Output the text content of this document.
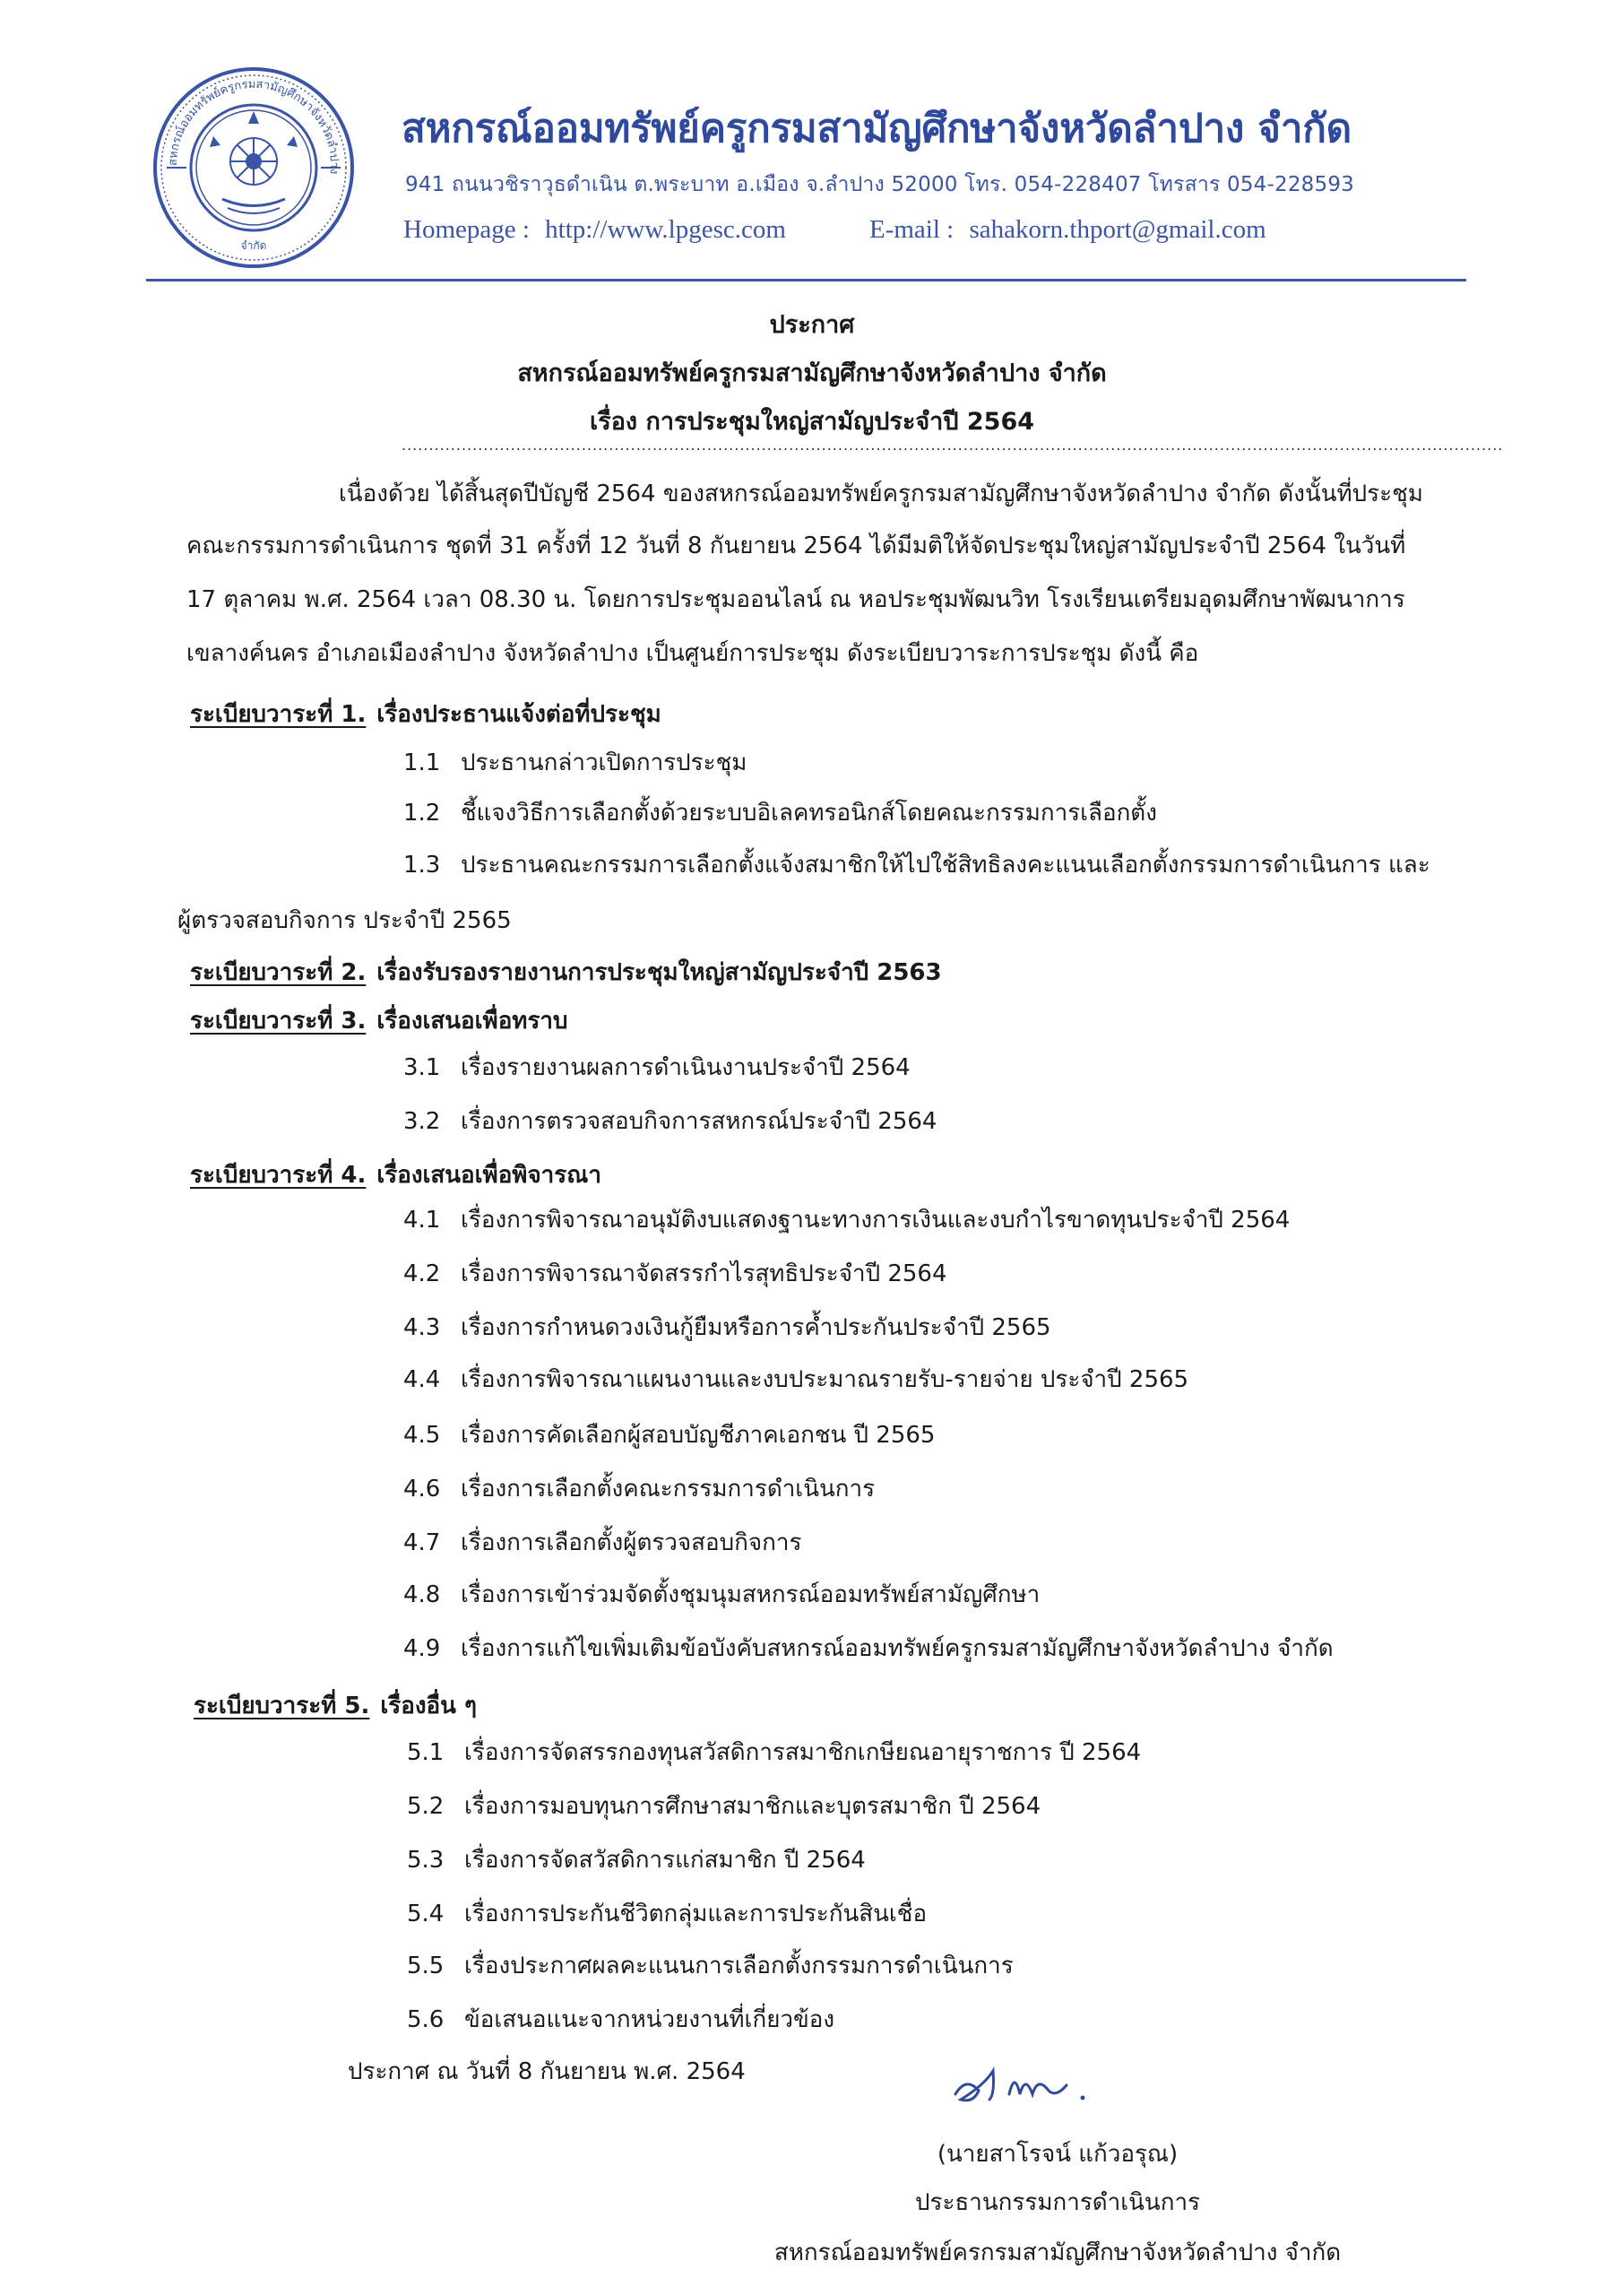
สหกรณ์ออมทรัพย์ครูกรมสามัญศึกษาจังหวัดลำปาง
จำกัด
สหกรณ์ออมทรัพย์ครูกรมสามัญศึกษาจังหวัดลำปาง จำกัด
941 ถนนวชิราวุธดำเนิน ต.พระบาท อ.เมือง จ.ลำปาง 52000 โทร. 054-228407 โทรสาร 054-228593
Homepage : http://www.lpgesc.com	E-mail : sahakorn.thport@gmail.com
ประกาศ
สหกรณ์ออมทรัพย์ครูกรมสามัญศึกษาจังหวัดลำปาง จำกัด
เรื่อง การประชุมใหญ่สามัญประจำปี 2564
..........................................................................................................................................................................................................
เนื่องด้วย ได้สิ้นสุดปีบัญชี 2564 ของสหกรณ์ออมทรัพย์ครูกรมสามัญศึกษาจังหวัดลำปาง จำกัด ดังนั้นที่ประชุม
คณะกรรมการดำเนินการ ชุดที่ 31 ครั้งที่ 12 วันที่ 8 กันยายน 2564 ได้มีมติให้จัดประชุมใหญ่สามัญประจำปี 2564 ในวันที่
17 ตุลาคม พ.ศ. 2564 เวลา 08.30 น. โดยการประชุมออนไลน์ ณ หอประชุมพัฒนวิท โรงเรียนเตรียมอุดมศึกษาพัฒนาการ
เขลางค์นคร อำเภอเมืองลำปาง จังหวัดลำปาง เป็นศูนย์การประชุม ดังระเบียบวาระการประชุม ดังนี้ คือ
ระเบียบวาระที่ 1. เรื่องประธานแจ้งต่อที่ประชุม
1.1 ประธานกล่าวเปิดการประชุม
1.2 ชี้แจงวิธีการเลือกตั้งด้วยระบบอิเลคทรอนิกส์โดยคณะกรรมการเลือกตั้ง
1.3 ประธานคณะกรรมการเลือกตั้งแจ้งสมาชิกให้ไปใช้สิทธิลงคะแนนเลือกตั้งกรรมการดำเนินการ และ
ผู้ตรวจสอบกิจการ ประจำปี 2565
ระเบียบวาระที่ 2. เรื่องรับรองรายงานการประชุมใหญ่สามัญประจำปี 2563
ระเบียบวาระที่ 3. เรื่องเสนอเพื่อทราบ
3.1 เรื่องรายงานผลการดำเนินงานประจำปี 2564
3.2 เรื่องการตรวจสอบกิจการสหกรณ์ประจำปี 2564
ระเบียบวาระที่ 4. เรื่องเสนอเพื่อพิจารณา
4.1 เรื่องการพิจารณาอนุมัติงบแสดงฐานะทางการเงินและงบกำไรขาดทุนประจำปี 2564
4.2 เรื่องการพิจารณาจัดสรรกำไรสุทธิประจำปี 2564
4.3 เรื่องการกำหนดวงเงินกู้ยืมหรือการค้ำประกันประจำปี 2565
4.4 เรื่องการพิจารณาแผนงานและงบประมาณรายรับ-รายจ่าย ประจำปี 2565
4.5 เรื่องการคัดเลือกผู้สอบบัญชีภาคเอกชน ปี 2565
4.6 เรื่องการเลือกตั้งคณะกรรมการดำเนินการ
4.7 เรื่องการเลือกตั้งผู้ตรวจสอบกิจการ
4.8 เรื่องการเข้าร่วมจัดตั้งชุมนุมสหกรณ์ออมทรัพย์สามัญศึกษา
4.9 เรื่องการแก้ไขเพิ่มเติมข้อบังคับสหกรณ์ออมทรัพย์ครูกรมสามัญศึกษาจังหวัดลำปาง จำกัด
ระเบียบวาระที่ 5. เรื่องอื่น ๆ
5.1 เรื่องการจัดสรรกองทุนสวัสดิการสมาชิกเกษียณอายุราชการ ปี 2564
5.2 เรื่องการมอบทุนการศึกษาสมาชิกและบุตรสมาชิก ปี 2564
5.3 เรื่องการจัดสวัสดิการแก่สมาชิก ปี 2564
5.4 เรื่องการประกันชีวิตกลุ่มและการประกันสินเชื่อ
5.5 เรื่องประกาศผลคะแนนการเลือกตั้งกรรมการดำเนินการ
5.6 ข้อเสนอแนะจากหน่วยงานที่เกี่ยวข้อง
ประกาศ ณ วันที่ 8 กันยายน พ.ศ. 2564
(นายสาโรจน์ แก้วอรุณ)
ประธานกรรมการดำเนินการ
สหกรณ์ออมทรัพย์ครกรมสามัญศึกษาจังหวัดลำปาง จำกัด
